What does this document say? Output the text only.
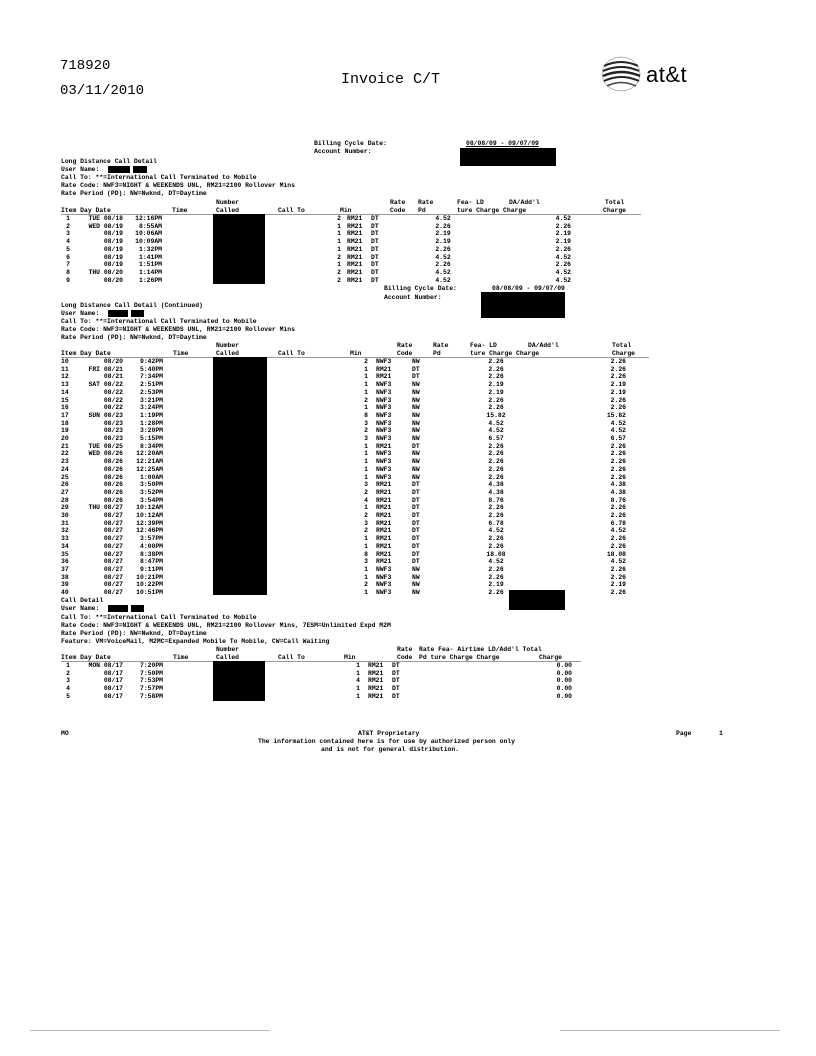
718920
03/11/2010
Invoice C/T	at&t
Billing Cycle Date:	08/08/09 - 09/07/09
Account Number:
Long Distance Call Detail
User Name:
Call To: **=International Call Terminated to Mobile
Rate Code: NWF3=NIGHT & WEEKENDS UNL, RM21=2100 Rollover Mins
Rate Period (PD): NW=Nwknd, DT=Daytime
Number	Rate Rate	Fea- LD	DA/Add'l	Total
Item Day Date	Time	Called	Call To	Min	Code Pd	ture Charge Charge	Charge
1	TUE 08/18	12:16PM		BOLIVI **	2		RM21	DT	4.52	4.52
2	WED 08/19	8:55AM		BOLIVI **	1		RM21	DT	2.26	2.26
3	08/19	10:06AM		BOLIVIA	1		RM21	DT	2.19	2.19
4	08/19	10:09AM		BOLIVIA	1		RM21	DT	2.19	2.19
5	08/19	1:32PM		BOLIVI **	1		RM21	DT	2.26	2.26
6	08/19	1:41PM		BOLIVI **	2		RM21	DT	4.52	4.52
7	08/19	1:51PM		BOLIVI **	1		RM21	DT	2.26	2.26
8	THU 08/20	1:14PM		BOLIVI **	2		RM21	DT	4.52	4.52
9	08/20	1:26PM		BOLIVI **	2		RM21	DT	4.52	4.52
Billing Cycle Date:	08/08/09 - 09/07/09
Account Number:
Long Distance Call Detail (Continued)
User Name:
Call To: **=International Call Terminated to Mobile
Rate Code: NWF3=NIGHT & WEEKENDS UNL, RM21=2100 Rollover Mins
Rate Period (PD): NW=Nwknd, DT=Daytime
Number	Rate	Rate	Fea- LD	DA/Add'l	Total
Item Day Date	Time	Called	Call To	Min	Code	Pd	ture Charge Charge	Charge
10	08/20	9:42PM		BOLIVI **	2		NWF3	NW	2.26	2.26
11	FRI 08/21	5:40PM		BOLIVI **	1		RM21	DT	2.26	2.26
12	08/21	7:34PM		BOLIVI **	1		RM21	DT	2.26	2.26
13	SAT 08/22	2:51PM		BOLIVIA	1		NWF3	NW	2.19	2.19
14	08/22	2:53PM		BOLIVIA	1		NWF3	NW	2.19	2.19
15	08/22	3:21PM		BOLIVI **	2		NWF3	NW	2.26	2.26
16	08/22	3:24PM		BOLIVI **	1		NWF3	NW	2.26	2.26
17	SUN 08/23	1:19PM		BOLIVI **	8		NWF3	NW	15.82	15.82
18	08/23	1:28PM		BOLIVI **	3		NWF3	NW	4.52	4.52
19	08/23	3:20PM		BOLIVI **	2		NWF3	NW	4.52	4.52
20	08/23	5:15PM		BOLIVIA	3		NWF3	NW	6.57	6.57
21	TUE 08/25	8:34PM		BOLIVI **	1		RM21	DT	2.26	2.26
22	WED 08/26	12:20AM		BOLIVI **	1		NWF3	NW	2.26	2.26
23	08/26	12:21AM		BOLIVI **	1		NWF3	NW	2.26	2.26
24	08/26	12:25AM		BOLIVI **	1		NWF3	NW	2.26	2.26
25	08/26	1:00AM		BOLIVI **	1		NWF3	NW	2.26	2.26
26	08/26	3:50PM		BOLIVIA	3		RM21	DT	4.38	4.38
27	08/26	3:52PM		BOLIVIA	2		RM21	DT	4.38	4.38
28	08/26	3:54PM		BOLIVIA	4		RM21	DT	8.76	8.76
29	THU 08/27	10:12AM		BOLIVI **	1		RM21	DT	2.26	2.26
30	08/27	10:12AM		BOLIVI **	2		RM21	DT	2.26	2.26
31	08/27	12:39PM		BOLIVI **	3		RM21	DT	6.78	6.78
32	08/27	12:46PM		BOLIVI **	2		RM21	DT	4.52	4.52
33	08/27	3:57PM		BOLIVI **	1		RM21	DT	2.26	2.26
34	08/27	4:00PM		BOLIVI **	1		RM21	DT	2.26	2.26
35	08/27	8:38PM		BOLIVI **	8		RM21	DT	18.08	18.08
36	08/27	8:47PM		BOLIVI **	3		RM21	DT	4.52	4.52
37	08/27	9:11PM		BOLIVI **	1		NWF3	NW	2.26	2.26
38	08/27	10:21PM		BOLIVI **	1		NWF3	NW	2.26	2.26
39	08/27	10:22PM		BOLIVIA	2		NWF3	NW	2.19	2.19
40	08/27	10:51PM		BOLIVI **	1		NWF3	NW	2.26	2.26
Call Detail
User Name:
Call To: **=International Call Terminated to Mobile
Rate Code: NWF3=NIGHT & WEEKENDS UNL, RM21=2100 Rollover Mins, 7ESM=Unlimited Expd M2M
Rate Period (PD): NW=Nwknd, DT=Daytime
Feature: VM=VoiceMail, M2MC=Expanded Mobile To Mobile, CW=Call Waiting
Number	Rate Rate Fea- Airtime LD/Add'l Total
Item Day Date	Time	Called	Call To	Min	Code Pd ture Charge Charge	Charge
1	MON 08/17	7:20PM		DAYTON FL	1		RM21	DT		0.00
2	08/17	7:50PM		DAYTON FL	1		RM21	DT		0.00
3	08/17	7:53PM		INCOMI CL	4		RM21	DT		0.00
4	08/17	7:57PM		DAYTON FL	1		RM21	DT		0.00
5	08/17	7:58PM		DAYTON FL	1		RM21	DT		0.00
MO	AT&T Proprietary
The information contained here is for use by authorized person only
and is not for general distribution.
Page	1
